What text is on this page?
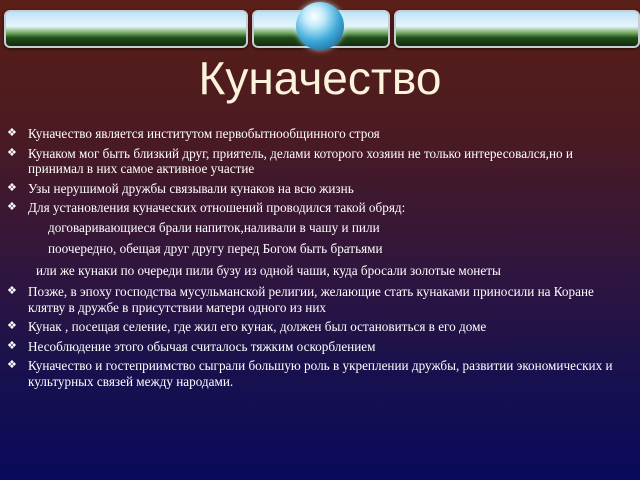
Куначество
❖ Куначество является институтом первобытнообщинного строя
❖ Кунаком мог быть близкий друг, приятель, делами которого хозяин не только интересовался,но и принимал в них самое активное участие
❖ Узы нерушимой дружбы связывали кунаков на всю жизнь
❖ Для установления куначеских отношений проводился такой обряд:
договаривающиеся брали напиток,наливали в чашу и пили
поочередно, обещая друг другу перед Богом быть братьями
или же кунаки по очереди пили бузу из одной чаши, куда бросали золотые монеты
❖ Позже, в эпоху господства мусульманской религии, желающие стать кунаками приносили на Коране клятву в дружбе в присутствии матери одного из них
❖ Кунак , посещая селение, где жил его кунак, должен был остановиться в его доме
❖ Несоблюдение этого обычая считалось тяжким оскорблением
❖ Куначество и гостеприимство сыграли большую роль в укреплении дружбы, развитии экономических и культурных связей между народами.
